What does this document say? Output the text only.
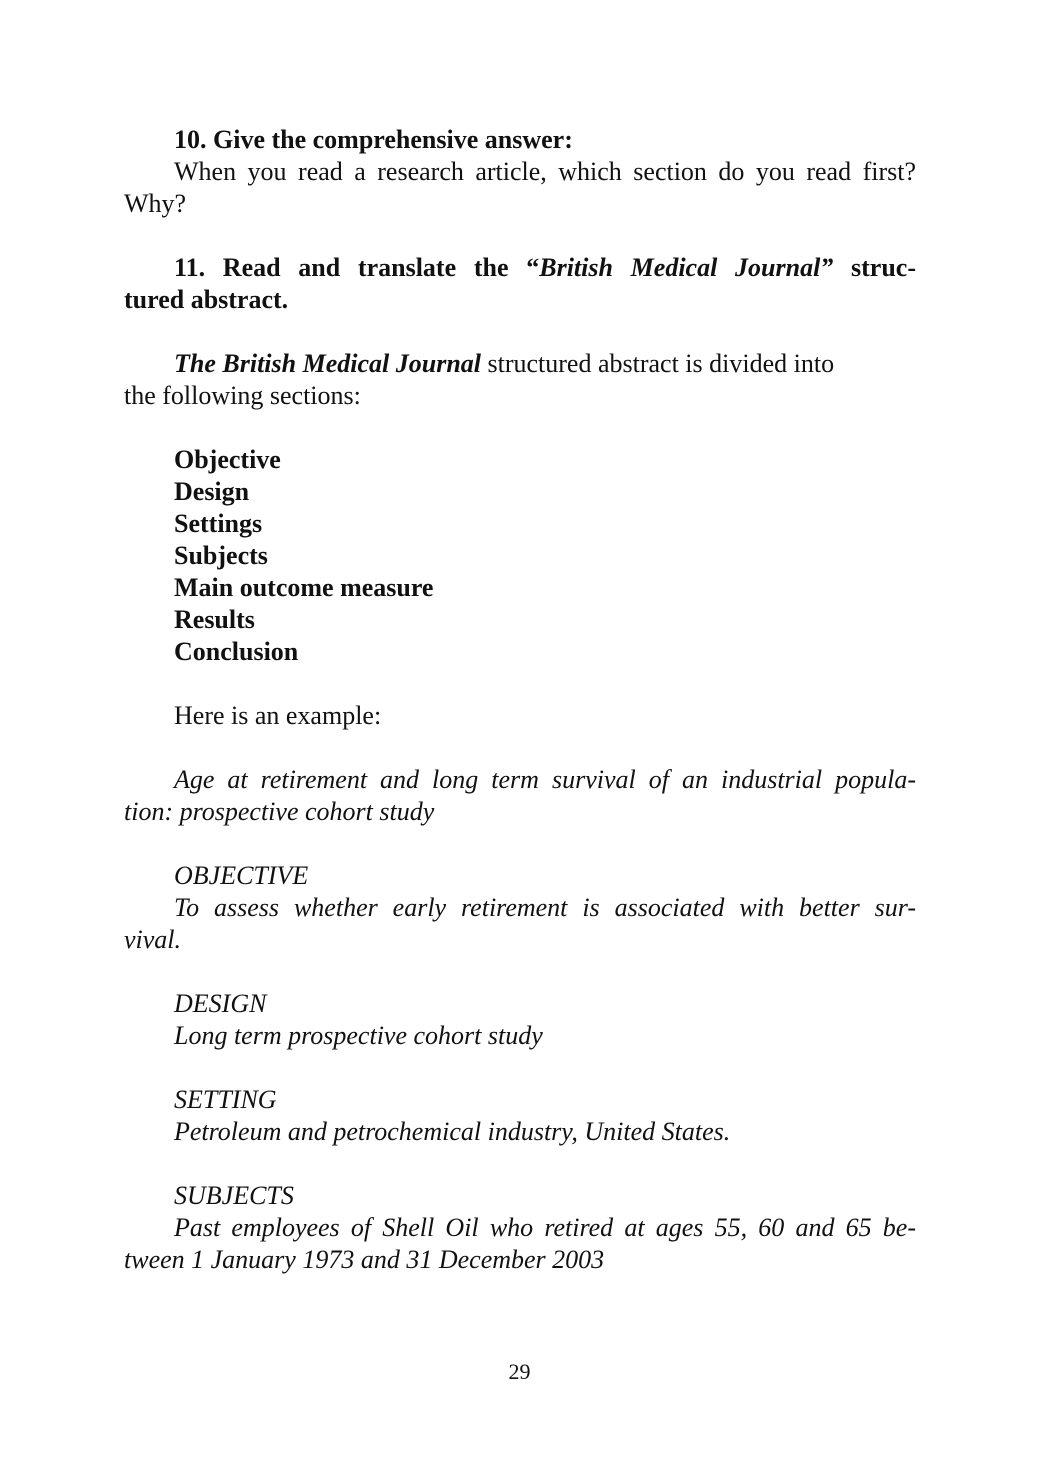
10. Give the comprehensive answer:

When you read a research article, which section do you read first?

Why?

11. Read and translate the “British Medical Journal” struc-

tured abstract.

The British Medical Journal structured abstract is divided into

the following sections:

Objective
Design
Settings
Subjects
Main outcome measure
Results
Conclusion

Here is an example:

Age at retirement and long term survival of an industrial popula-

tion: prospective cohort study

OBJECTIVE

To assess whether early retirement is associated with better sur-

vival.

DESIGN

Long term prospective cohort study

SETTING

Petroleum and petrochemical industry, United States.

SUBJECTS

Past employees of Shell Oil who retired at ages 55, 60 and 65 be-

tween 1 January 1973 and 31 December 2003

29
